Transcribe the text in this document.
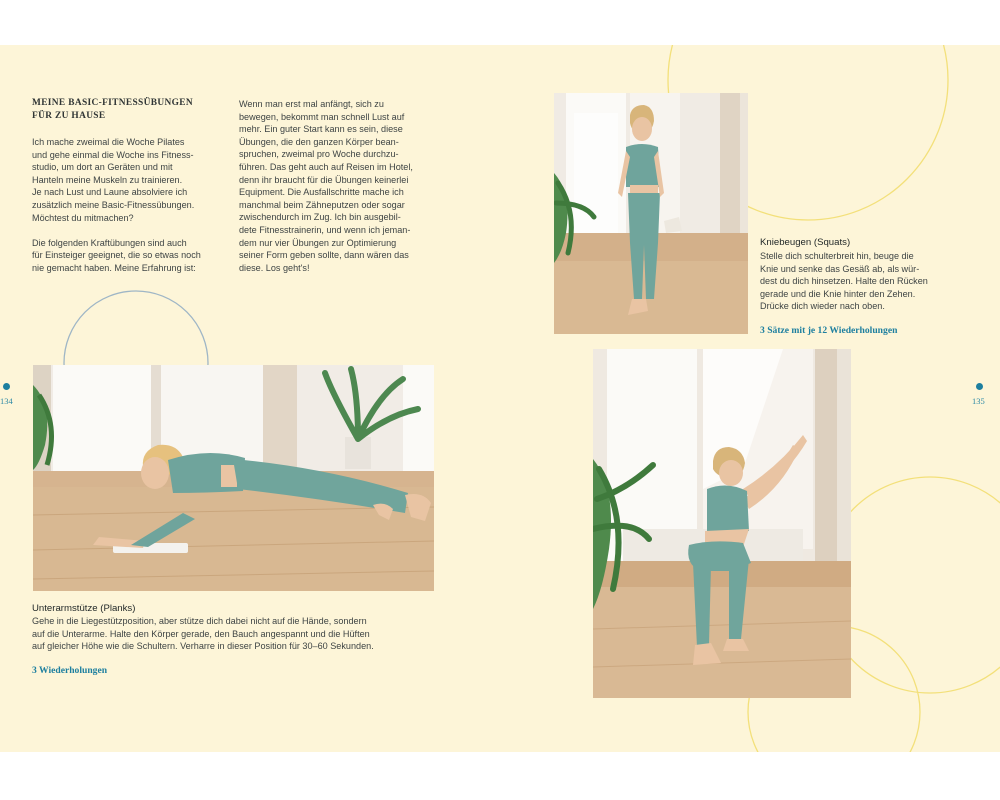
134	135
MEINE BASIC-FITNESSÜBUNGEN
FÜR ZU HAUSE
Ich mache zweimal die Woche Pilates
und gehe einmal die Woche ins Fitness-
studio, um dort an Geräten und mit
Hanteln meine Muskeln zu trainieren.
Je nach Lust und Laune absolviere ich
zusätzlich meine Basic-Fitnessübungen.
Möchtest du mitmachen?
Die folgenden Kraftübungen sind auch
für Einsteiger geeignet, die so etwas noch
nie gemacht haben. Meine Erfahrung ist:
Wenn man erst mal anfängt, sich zu
bewegen, bekommt man schnell Lust auf
mehr. Ein guter Start kann es sein, diese
Übungen, die den ganzen Körper bean-
spruchen, zweimal pro Woche durchzu-
führen. Das geht auch auf Reisen im Hotel,
denn ihr braucht für die Übungen keinerlei
Equipment. Die Ausfallschritte mache ich
manchmal beim Zähneputzen oder sogar
zwischendurch im Zug. Ich bin ausgebil-
dete Fitnesstrainerin, und wenn ich jeman-
dem nur vier Übungen zur Optimierung
seiner Form geben sollte, dann wären das
diese. Los geht's!
Unterarmstütze (Planks)
Gehe in die Liegestützposition, aber stütze dich dabei nicht auf die Hände, sondern
auf die Unterarme. Halte den Körper gerade, den Bauch angespannt und die Hüften
auf gleicher Höhe wie die Schultern. Verharre in dieser Position für 30–60 Sekunden.
3 Wiederholungen
Kniebeugen (Squats)
Stelle dich schulterbreit hin, beuge die
Knie und senke das Gesäß ab, als wür-
dest du dich hinsetzen. Halte den Rücken
gerade und die Knie hinter den Zehen.
Drücke dich wieder nach oben.
3 Sätze mit je 12 Wiederholungen
